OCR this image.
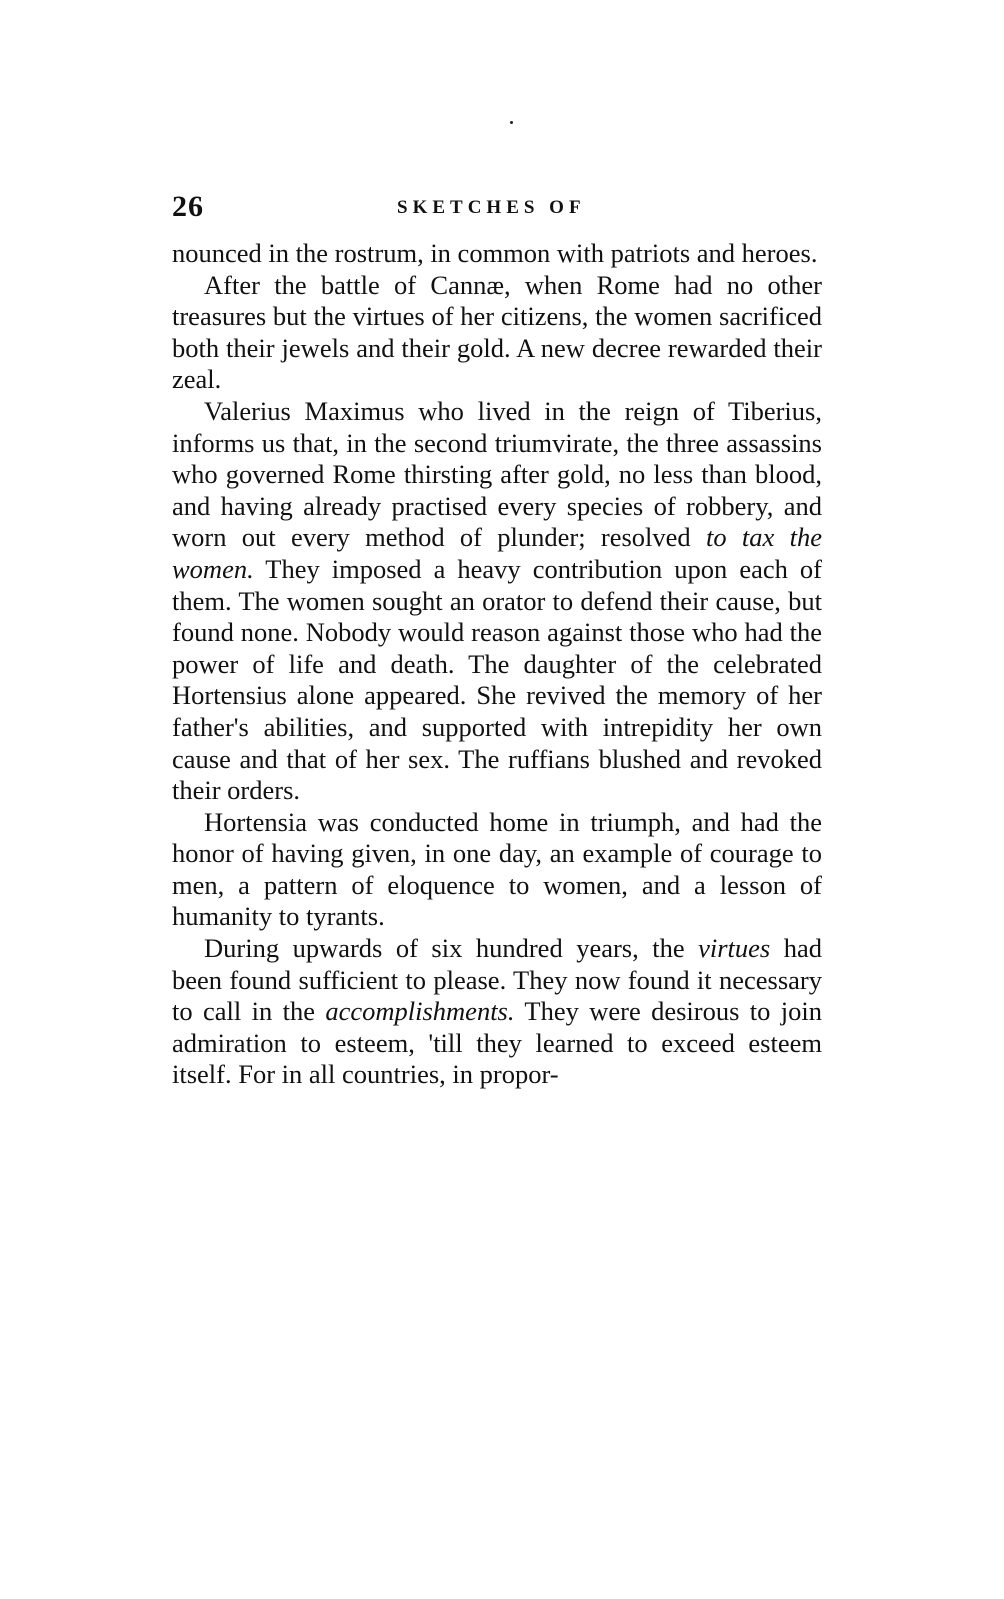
26	SKETCHES OF

nounced in the rostrum, in common with patriots and heroes.

After the battle of Cannæ, when Rome had no other treasures but the virtues of her citizens, the women sacrificed both their jewels and their gold. A new decree rewarded their zeal.

Valerius Maximus who lived in the reign of Tiberius, informs us that, in the second triumvirate, the three assassins who governed Rome thirsting after gold, no less than blood, and having already practised every species of robbery, and worn out every method of plunder; resolved to tax the women. They imposed a heavy contribution upon each of them. The women sought an orator to defend their cause, but found none. Nobody would reason against those who had the power of life and death. The daughter of the celebrated Hortensius alone appeared. She revived the memory of her father's abilities, and supported with intrepidity her own cause and that of her sex. The ruffians blushed and revoked their orders.

Hortensia was conducted home in triumph, and had the honor of having given, in one day, an example of courage to men, a pattern of eloquence to women, and a lesson of humanity to tyrants.

During upwards of six hundred years, the virtues had been found sufficient to please. They now found it necessary to call in the accomplishments. They were desirous to join admiration to esteem, 'till they learned to exceed esteem itself. For in all countries, in propor-
